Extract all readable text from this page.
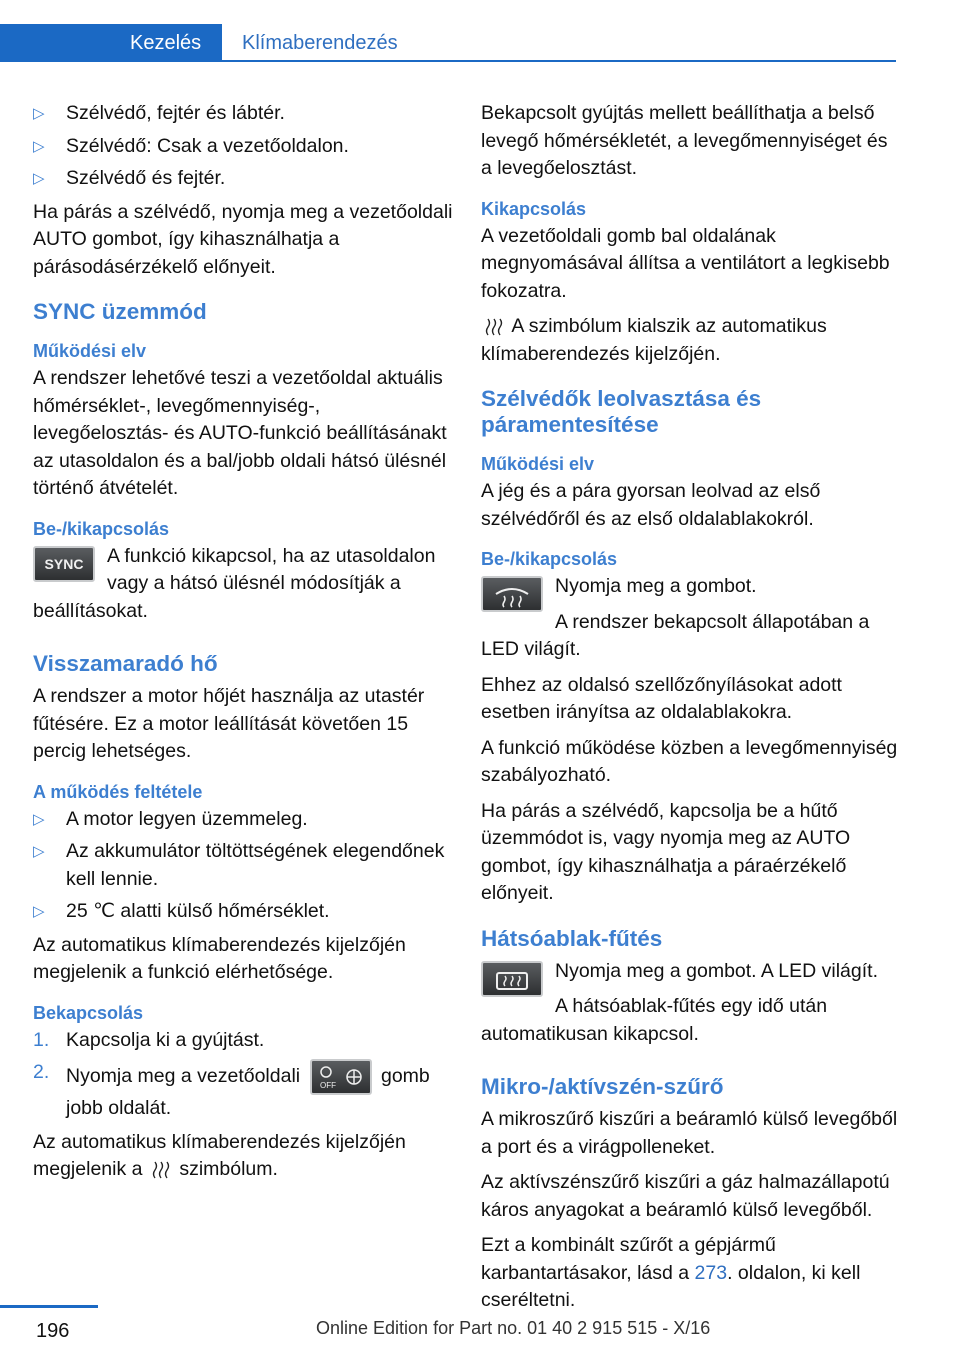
Kezelés	Klímaberendezés
▷ Szélvédő, fejtér és lábtér.
▷ Szélvédő: Csak a vezetőoldalon.
▷ Szélvédő és fejtér.

Ha párás a szélvédő, nyomja meg a vezetőoldali AUTO gombot, így kihasználhatja a párásodásérzékelő előnyeit.

SYNC üzemmód
Működési elv

A rendszer lehetővé teszi a vezetőoldal aktuális hőmérséklet-, levegőmennyiség-, levegőelosztás- és AUTO-funkció beállításánakt az utasoldalon és a bal/jobb oldali hátsó ülésnél történő átvételét.

Be-/kikapcsolás
SYNC	A funkció kikapcsol, ha az utasoldalon vagy a hátsó ülésnél módosítják a beállításokat.

Visszamaradó hő

A rendszer a motor hőjét használja az utastér fűtésére. Ez a motor leállítását követően 15 percig lehetséges.

A működés feltétele
▷ A motor legyen üzemmeleg.
▷ Az akkumulátor töltöttségének elegendőnek kell lennie.
▷ 25 ℃ alatti külső hőmérséklet.

Az automatikus klímaberendezés kijelzőjén megjelenik a funkció elérhetősége.

Bekapcsolás
1. Kapcsolja ki a gyújtást.
2. Nyomja meg a vezetőoldali OFF gomb jobb oldalát.

Az automatikus klímaberendezés kijelzőjén megjelenik a szimbólum.

Bekapcsolt gyújtás mellett beállíthatja a belső levegő hőmérsékletét, a levegőmennyiséget és a levegőelosztást.

Kikapcsolás

A vezetőoldali gomb bal oldalának megnyomásával állítsa a ventilátort a legkisebb fokozatra.

A szimbólum kialszik az automatikus klímaberendezés kijelzőjén.

Szélvédők leolvasztása és páramentesítése
Működési elv

A jég és a pára gyorsan leolvad az első szélvédőről és az első oldalablakokról.

Be-/kikapcsolás

Nyomja meg a gombot.

A rendszer bekapcsolt állapotában a LED világít.

Ehhez az oldalsó szellőzőnyílásokat adott esetben irányítsa az oldalablakokra.

A funkció működése közben a levegőmennyiség szabályozható.

Ha párás a szélvédő, kapcsolja be a hűtő üzemmódot is, vagy nyomja meg az AUTO gombot, így kihasználhatja a páraérzékelő előnyeit.

Hátsóablak-fűtés

Nyomja meg a gombot. A LED világít.

A hátsóablak-fűtés egy idő után automatikusan kikapcsol.

Mikro-/aktívszén-szűrő

A mikroszűrő kiszűri a beáramló külső levegőből a port és a virágpolleneket.

Az aktívszénszűrő kiszűri a gáz halmazállapotú káros anyagokat a beáramló külső levegőből.

Ezt a kombinált szűrőt a gépjármű karbantartásakor, lásd a 273. oldalon, ki kell cseréltetni.

196	Online Edition for Part no. 01 40 2 915 515 - X/16
